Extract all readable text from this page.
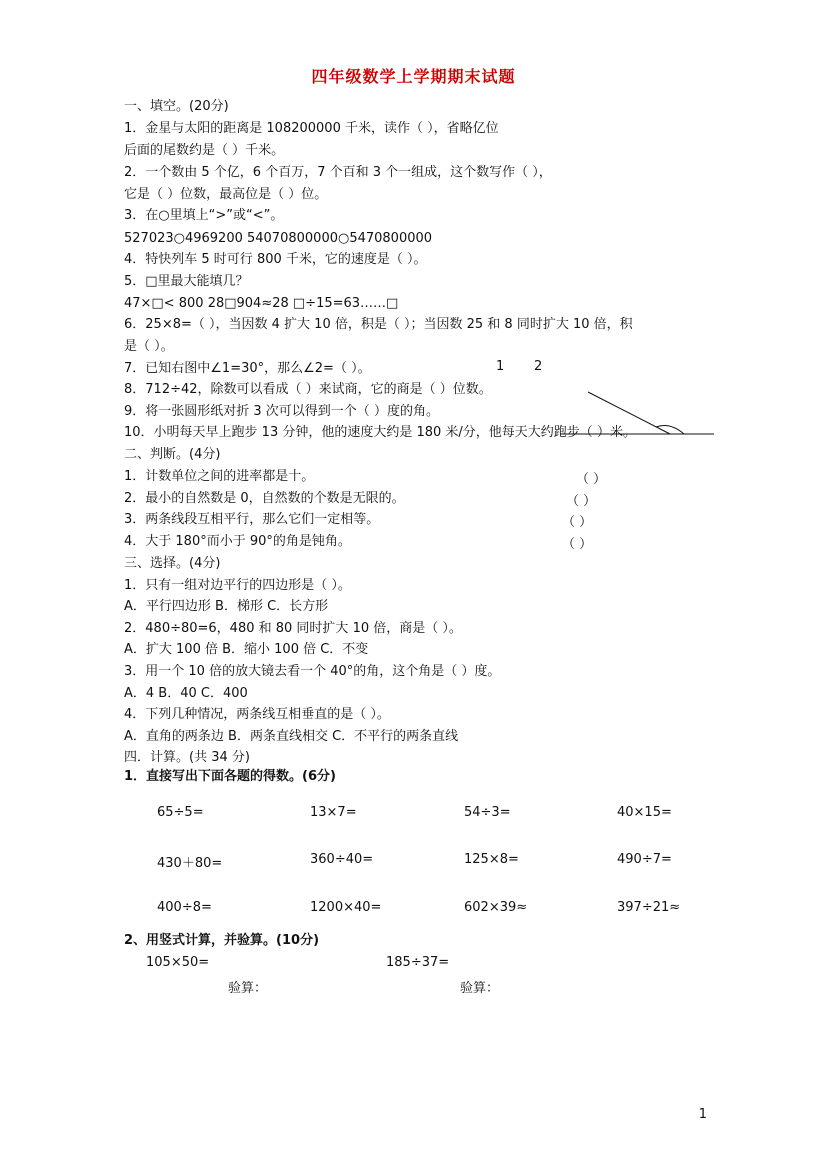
四年级数学上学期期末试题
一、填空。(20分)
1．金星与太阳的距离是 108200000 千米，读作（ ），省略亿位
后面的尾数约是（ ）千米。
2．一个数由 5 个亿，6 个百万，7 个百和 3 个一组成，这个数写作（ ），
它是（ ）位数，最高位是（ ）位。
3．在○里填上“>”或“<”。
527023○4969200 54070800000○5470800000
4．特快列车 5 时可行 800 千米，它的速度是（ ）。
5．□里最大能填几？
47×□< 800 28□904≈28 □÷15=63……□
6．25×8=（ ），当因数 4 扩大 10 倍，积是（ ）；当因数 25 和 8 同时扩大 10 倍，积
是（ ）。
7．已知右图中∠1=30°，那么∠2=（ ）。
8．712÷42，除数可以看成（ ）来试商，它的商是（ ）位数。
9．将一张圆形纸对折 3 次可以得到一个（ ）度的角。
10．小明每天早上跑步 13 分钟，他的速度大约是 180 米/分，他每天大约跑步（ ）米。
二、判断。(4分)
1．计数单位之间的进率都是十。
2．最小的自然数是 0，自然数的个数是无限的。
3．两条线段互相平行，那么它们一定相等。
4．大于 180°而小于 90°的角是钝角。
三、选择。(4分)
1．只有一组对边平行的四边形是（ ）。
A．平行四边形 B．梯形 C．长方形
2．480÷80=6，480 和 80 同时扩大 10 倍，商是（ ）。
A．扩大 100 倍 B．缩小 100 倍 C．不变
3．用一个 10 倍的放大镜去看一个 40°的角，这个角是（ ）度。
A．4 B．40 C．400
4．下列几种情况，两条线互相垂直的是（ ）。
A．直角的两条边 B．两条直线相交 C．不平行的两条直线
四．计算。(共 34 分)
（ ）
（ ）
（ ）
（ ）
1 2
1．直接写出下面各题的得数。(6分)
65÷5=	13×7=	54÷3=	40×15=
430＋80=	360÷40=	125×8=	490÷7=
400÷8=	1200×40=	602×39≈	397÷21≈
2、用竖式计算，并验算。(10分)
105×50=	185÷37=
验算：	验算：
1
